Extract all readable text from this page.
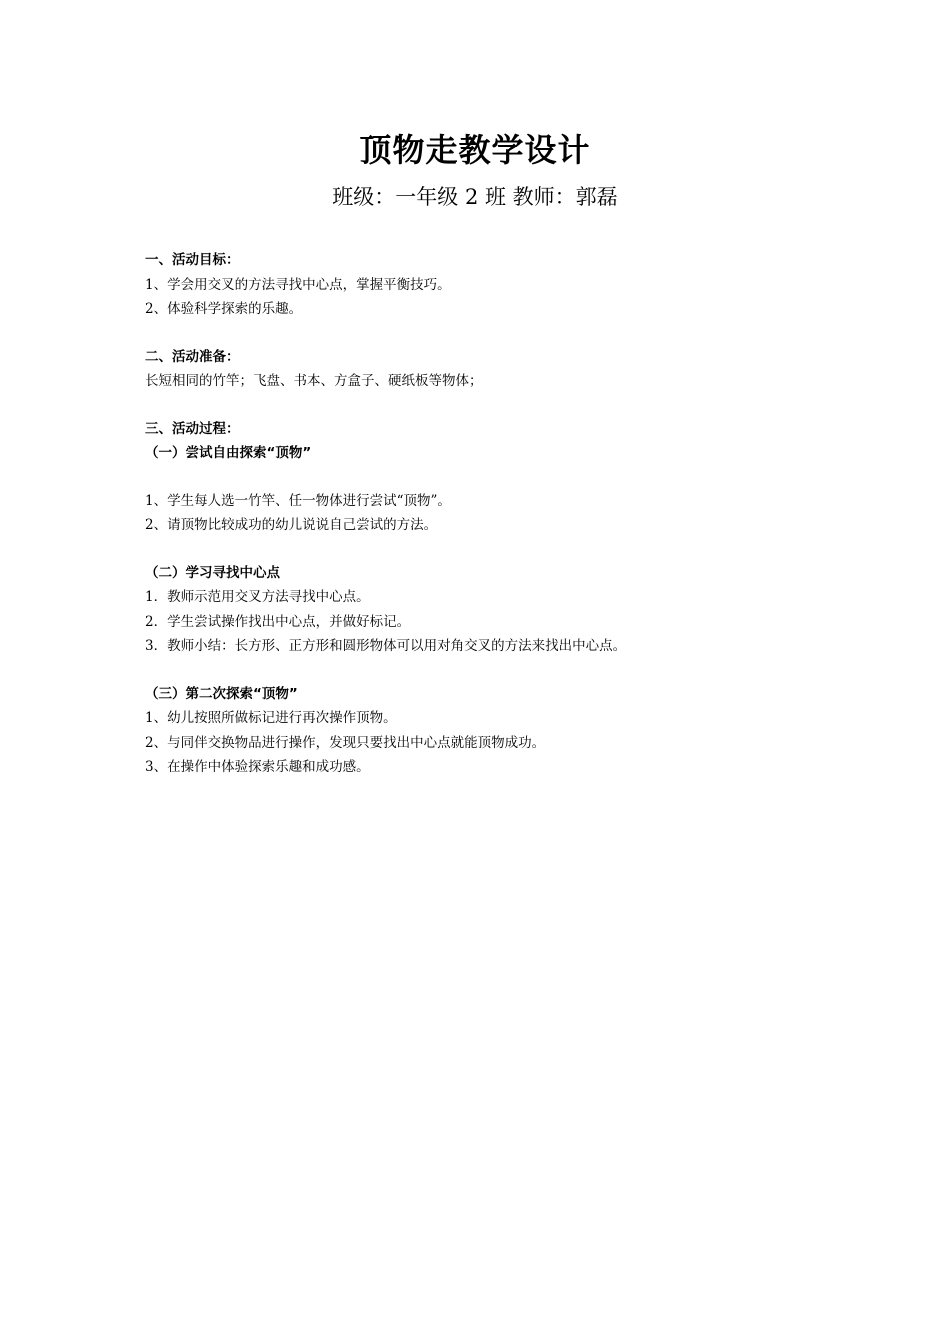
顶物走教学设计
班级：一年级 2 班 教师：郭磊
一、活动目标：
1、学会用交叉的方法寻找中心点，掌握平衡技巧。
2、体验科学探索的乐趣。
二、活动准备：
长短相同的竹竿；飞盘、书本、方盒子、硬纸板等物体；
三、活动过程：
（一）尝试自由探索“顶物”
1、学生每人选一竹竿、任一物体进行尝试“顶物”。
2、请顶物比较成功的幼儿说说自己尝试的方法。
（二）学习寻找中心点
1．教师示范用交叉方法寻找中心点。
2．学生尝试操作找出中心点，并做好标记。
3．教师小结：长方形、正方形和圆形物体可以用对角交叉的方法来找出中心点。
（三）第二次探索“顶物”
1、幼儿按照所做标记进行再次操作顶物。
2、与同伴交换物品进行操作，发现只要找出中心点就能顶物成功。
3、在操作中体验探索乐趣和成功感。
